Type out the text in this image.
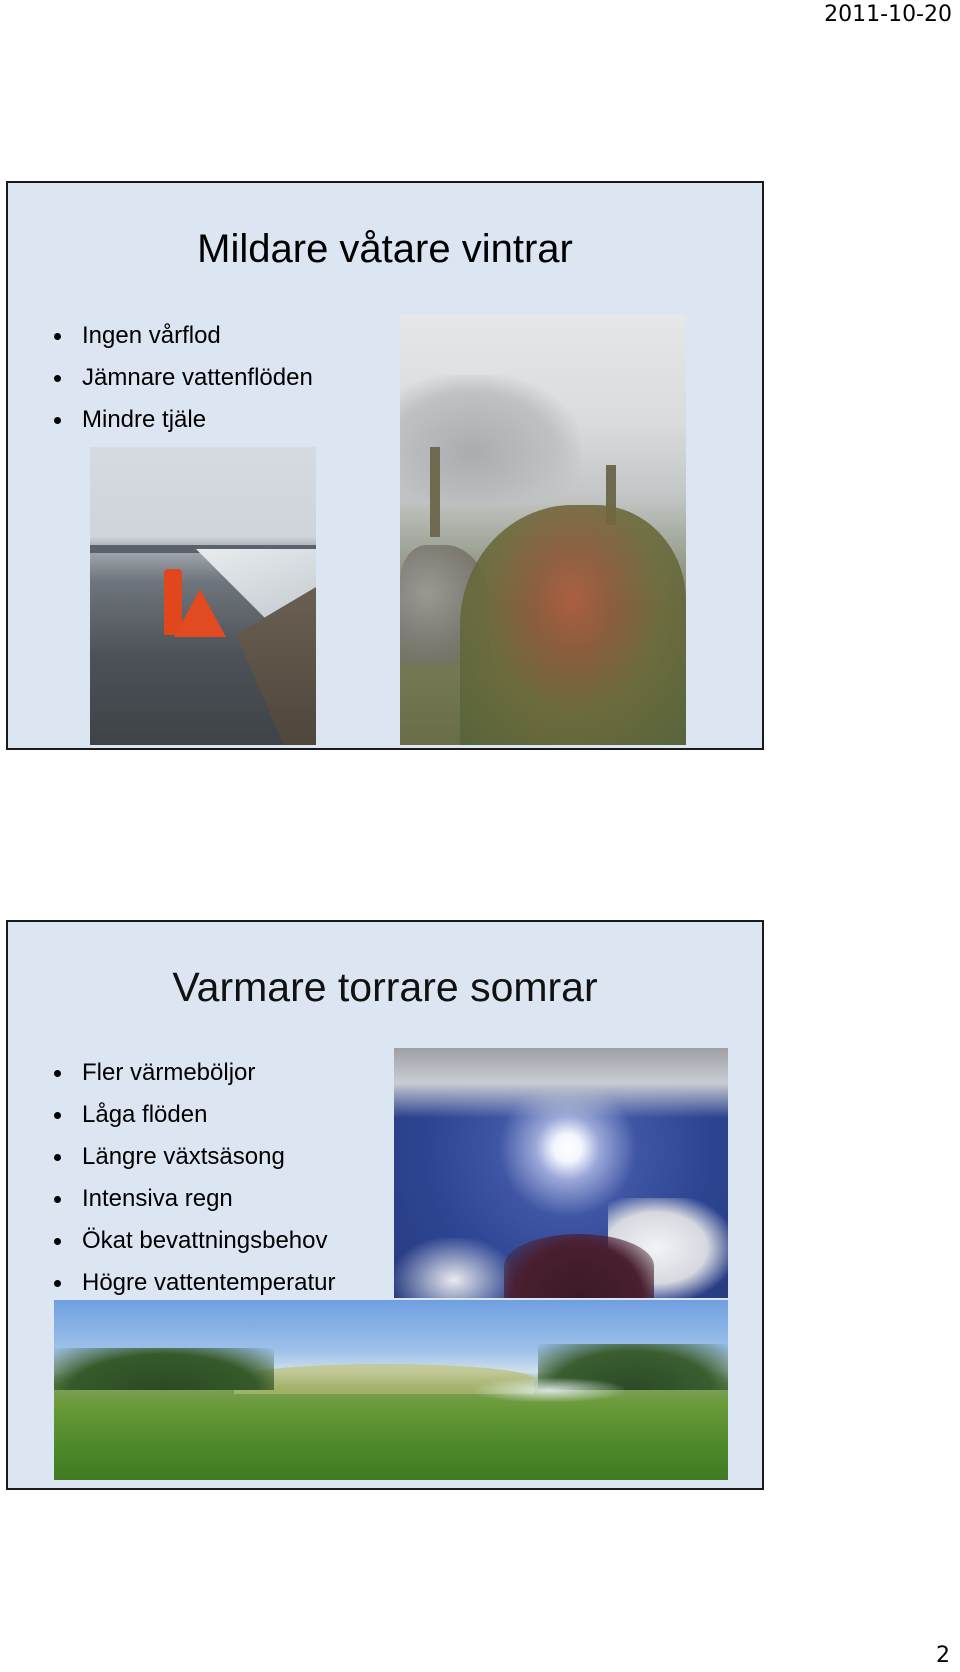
2011-10-20
Mildare våtare vintrar
Ingen vårflod
Jämnare vattenflöden
Mindre tjäle
Varmare torrare somrar
Fler värmeböljor
Låga flöden
Längre växtsäsong
Intensiva regn
Ökat bevattningsbehov
Högre vattentemperatur
2
